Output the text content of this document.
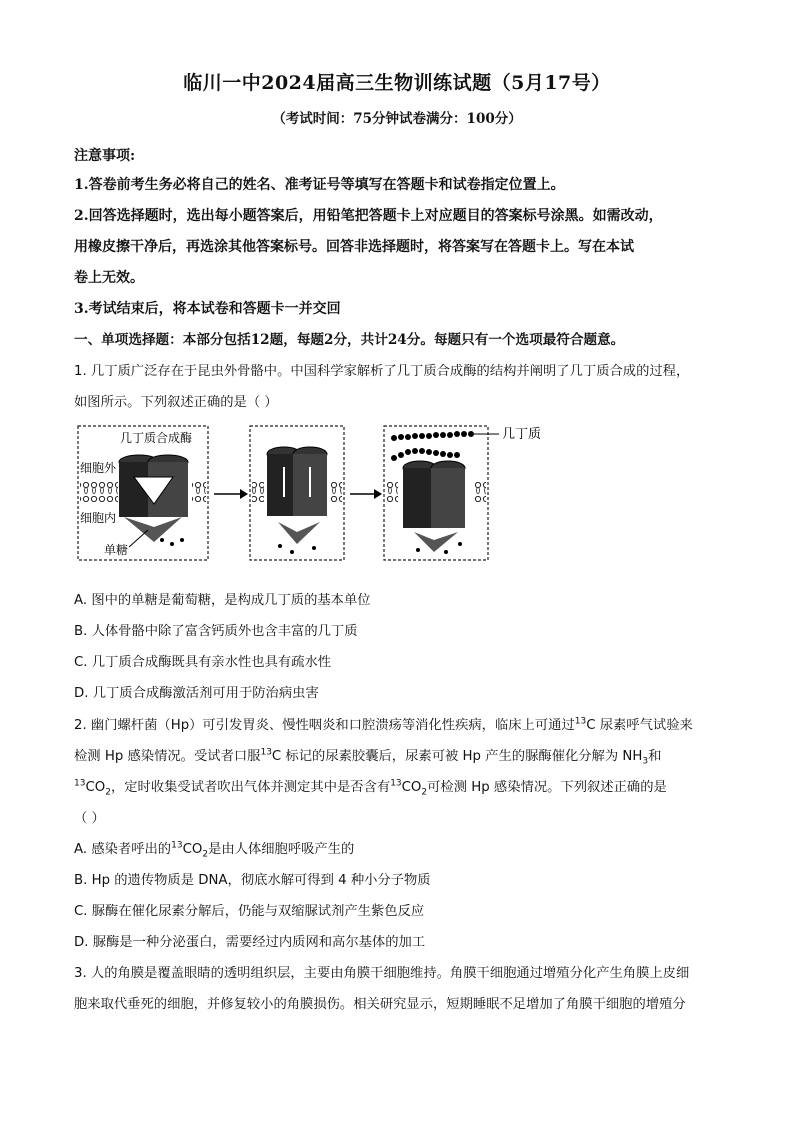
临川一中2024届高三生物训练试题（5月17号）
（考试时间：75分钟试卷满分：100分）
注意事项:
1.答卷前考生务必将自己的姓名、准考证号等填写在答题卡和试卷指定位置上。
2.回答选择题时，选出每小题答案后，用铅笔把答题卡上对应题目的答案标号涂黑。如需改动，
用橡皮擦干净后，再选涂其他答案标号。回答非选择题时，将答案写在答题卡上。写在本试
卷上无效。
3.考试结束后，将本试卷和答题卡一并交回
一、单项选择题：本部分包括12题，每题2分，共计24分。每题只有一个选项最符合题意。
1. 几丁质广泛存在于昆虫外骨骼中。中国科学家解析了几丁质合成酶的结构并阐明了几丁质合成的过程，
如图所示。下列叙述正确的是（ ）
几丁质合成酶
细胞外
细胞内
单糖
几丁质
A. 图中的单糖是葡萄糖，是构成几丁质的基本单位
B. 人体骨骼中除了富含钙质外也含丰富的几丁质
C. 几丁质合成酶既具有亲水性也具有疏水性
D. 几丁质合成酶激活剂可用于防治病虫害
2. 幽门螺杆菌（Hp）可引发胃炎、慢性咽炎和口腔溃疡等消化性疾病，临床上可通过$^{13}$C 尿素呼气试验来
检测 Hp 感染情况。受试者口服$^{13}$C 标记的尿素胶囊后，尿素可被 Hp 产生的脲酶催化分解为 $NH_3$和
$^{13}CO_2$，定时收集受试者吹出气体并测定其中是否含有$^{13}CO_2$可检测 Hp 感染情况。下列叙述正确的是
（ ）
A. 感染者呼出的$^{13}CO_2$是由人体细胞呼吸产生的
B. Hp 的遗传物质是 DNA，彻底水解可得到 4 种小分子物质
C. 脲酶在催化尿素分解后，仍能与双缩脲试剂产生紫色反应
D. 脲酶是一种分泌蛋白，需要经过内质网和高尔基体的加工
3. 人的角膜是覆盖眼睛的透明组织层，主要由角膜干细胞维持。角膜干细胞通过增殖分化产生角膜上皮细
胞来取代垂死的细胞，并修复较小的角膜损伤。相关研究显示，短期睡眠不足增加了角膜干细胞的增殖分
